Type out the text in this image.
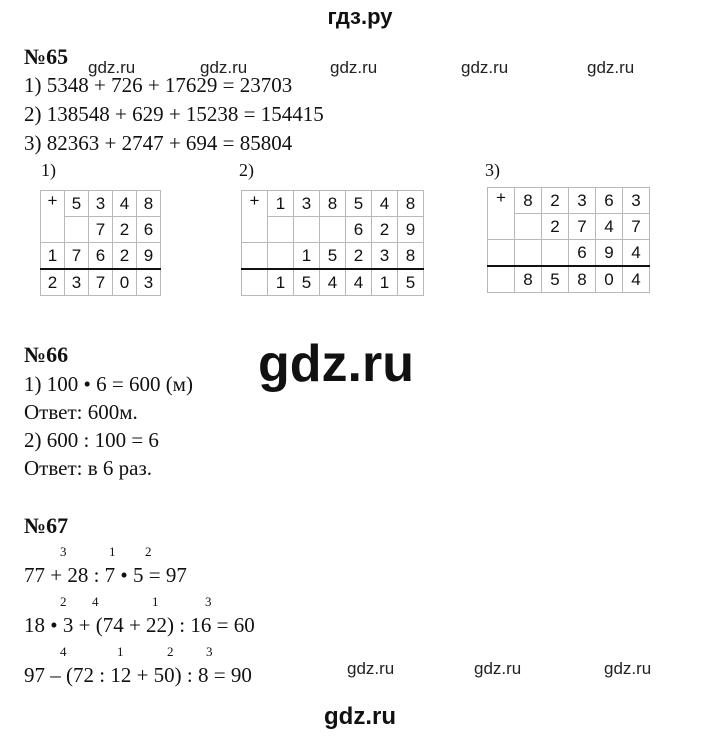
гдз.ру
gdz.ru	gdz.ru	gdz.ru	gdz.ru	gdz.ru
№65
1) 5348 + 726 + 17629 = 23703
2) 138548 + 629 + 15238 = 154415
3) 82363 + 2747 + 694 = 85804
1)	2)	3)
+	5	3	4	8
		7	2	6
1	7	6	2	9
2	3	7	0	3
+	1	3	8	5	4	8
				6	2	9
		1	5	2	3	8
	1	5	4	4	1	5
+	8	2	3	6	3
		2	7	4	7
			6	9	4
	8	5	8	0	4
№66	gdz.ru
1) 100 • 6 = 600 (м)
Ответ: 600м.
2) 600 : 100 = 6
Ответ: в 6 раз.
№67
3	1 2
77 + 28 : 7 • 5 = 97
2 4	1	3
18 • 3 + (74 + 22) : 16 = 60
4	1	2	3
97 – (72 : 12 + 50) : 8 = 90	gdz.ru	gdz.ru	gdz.ru
gdz.ru
